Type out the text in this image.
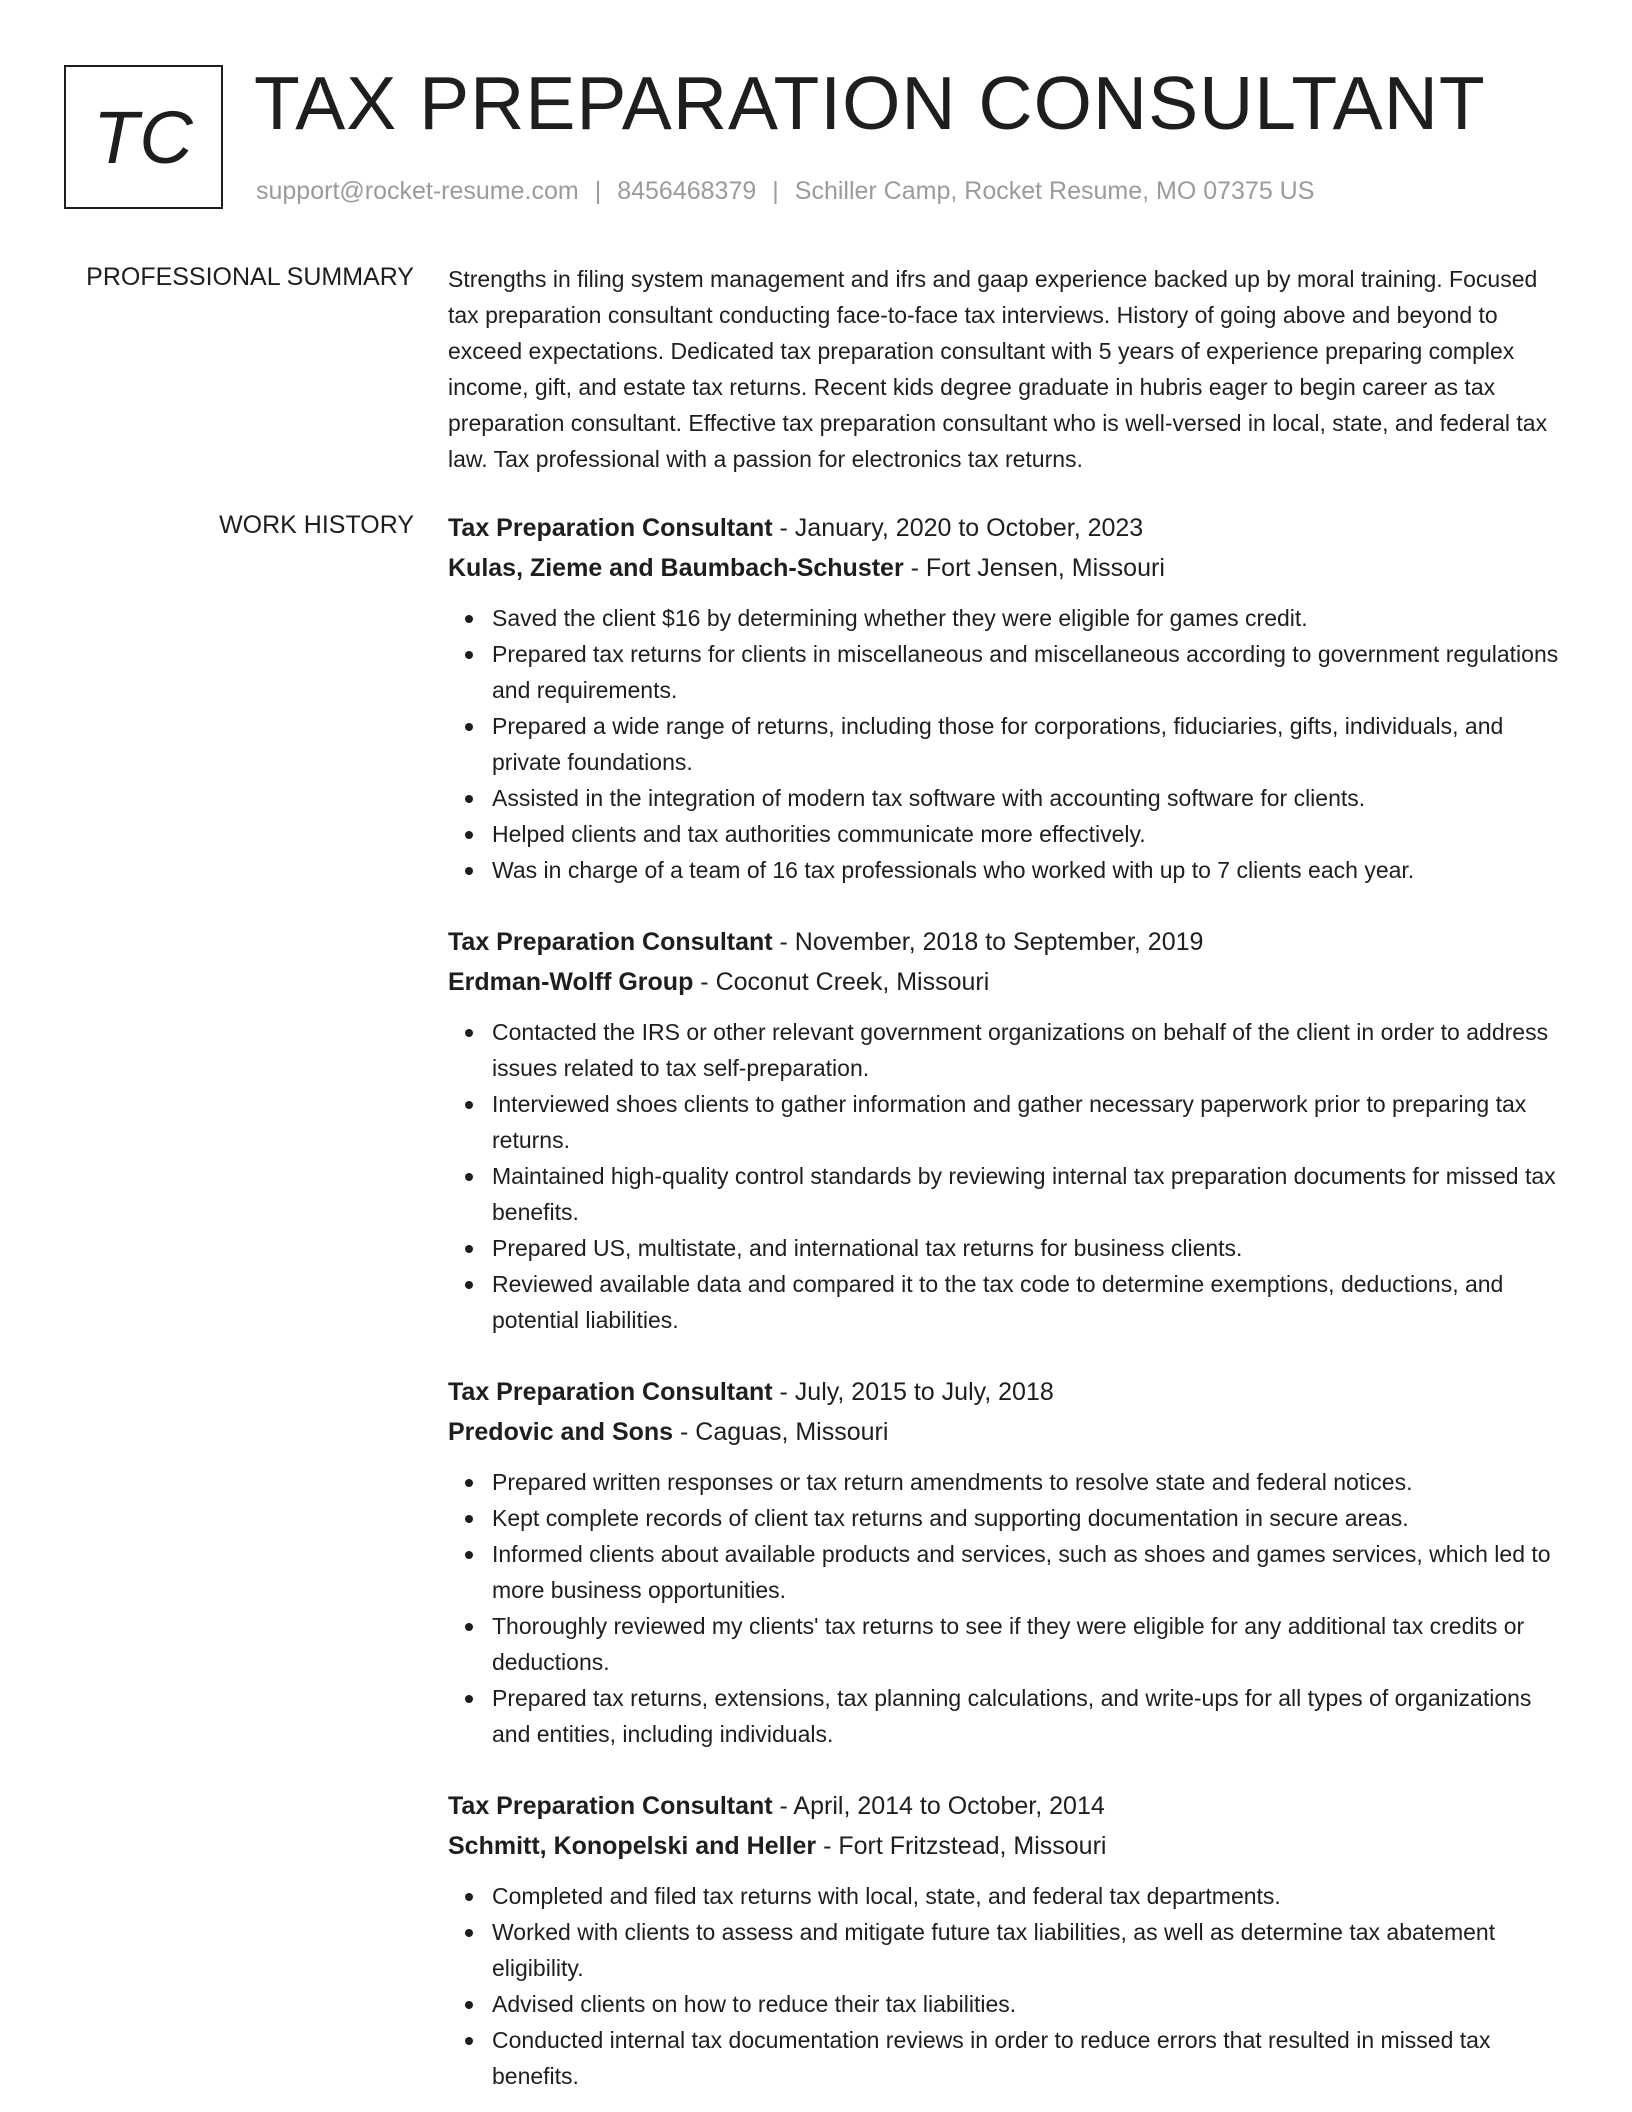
TC TAX PREPARATION CONSULTANT
support@rocket-resume.com | 8456468379 | Schiller Camp, Rocket Resume, MO 07375 US
PROFESSIONAL SUMMARY Strengths in filing system management and ifrs and gaap experience backed up by moral training. Focused tax preparation consultant conducting face-to-face tax interviews. History of going above and beyond to exceed expectations. Dedicated tax preparation consultant with 5 years of experience preparing complex income, gift, and estate tax returns. Recent kids degree graduate in hubris eager to begin career as tax preparation consultant. Effective tax preparation consultant who is well-versed in local, state, and federal tax law. Tax professional with a passion for electronics tax returns.

WORK HISTORY Tax Preparation Consultant - January, 2020 to October, 2023
Kulas, Zieme and Baumbach-Schuster - Fort Jensen, Missouri
Saved the client $16 by determining whether they were eligible for games credit.
Prepared tax returns for clients in miscellaneous and miscellaneous according to government regulations and requirements.
Prepared a wide range of returns, including those for corporations, fiduciaries, gifts, individuals, and private foundations.
Assisted in the integration of modern tax software with accounting software for clients.
Helped clients and tax authorities communicate more effectively.
Was in charge of a team of 16 tax professionals who worked with up to 7 clients each year.
Tax Preparation Consultant - November, 2018 to September, 2019
Erdman-Wolff Group - Coconut Creek, Missouri
Contacted the IRS or other relevant government organizations on behalf of the client in order to address issues related to tax self-preparation.
Interviewed shoes clients to gather information and gather necessary paperwork prior to preparing tax returns.
Maintained high-quality control standards by reviewing internal tax preparation documents for missed tax benefits.
Prepared US, multistate, and international tax returns for business clients.
Reviewed available data and compared it to the tax code to determine exemptions, deductions, and potential liabilities.
Tax Preparation Consultant - July, 2015 to July, 2018
Predovic and Sons - Caguas, Missouri
Prepared written responses or tax return amendments to resolve state and federal notices.
Kept complete records of client tax returns and supporting documentation in secure areas.
Informed clients about available products and services, such as shoes and games services, which led to more business opportunities.
Thoroughly reviewed my clients' tax returns to see if they were eligible for any additional tax credits or deductions.
Prepared tax returns, extensions, tax planning calculations, and write-ups for all types of organizations and entities, including individuals.
Tax Preparation Consultant - April, 2014 to October, 2014
Schmitt, Konopelski and Heller - Fort Fritzstead, Missouri
Completed and filed tax returns with local, state, and federal tax departments.
Worked with clients to assess and mitigate future tax liabilities, as well as determine tax abatement eligibility.
Advised clients on how to reduce their tax liabilities.
Conducted internal tax documentation reviews in order to reduce errors that resulted in missed tax benefits.
